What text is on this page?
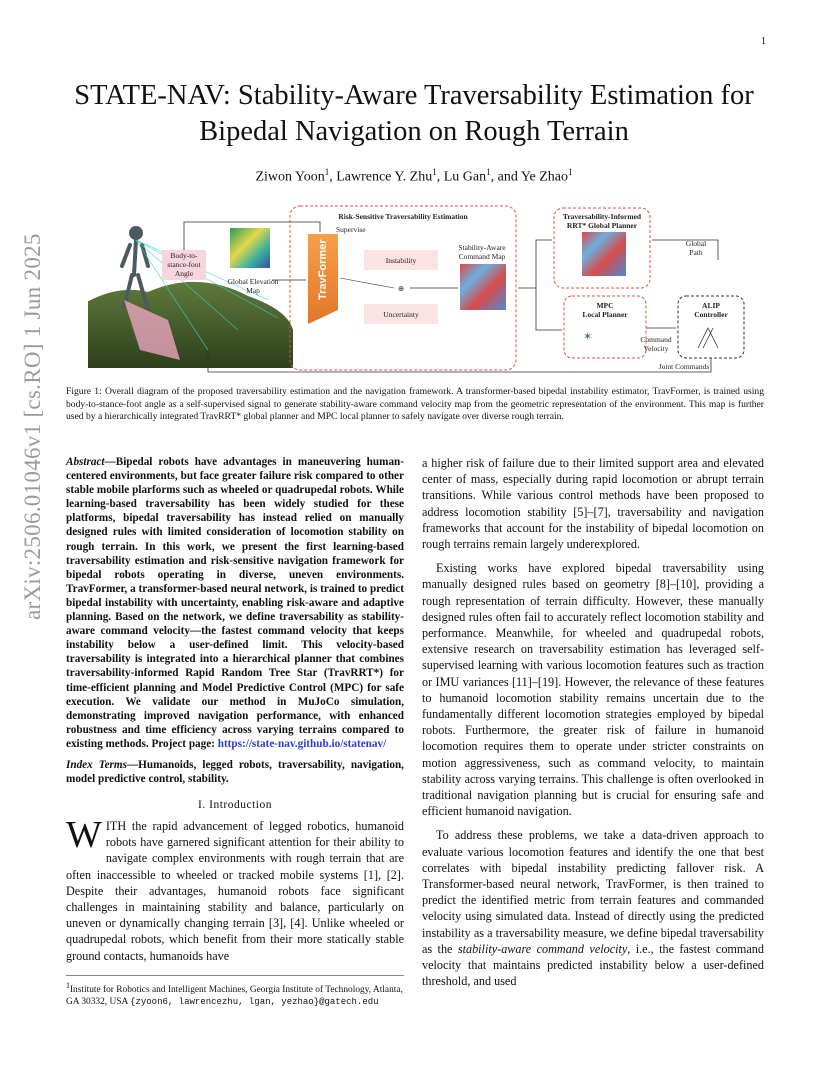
1
arXiv:2506.01046v1 [cs.RO] 1 Jun 2025
STATE-NAV: Stability-Aware Traversability Estimation for Bipedal Navigation on Rough Terrain
Ziwon Yoon$^1$, Lawrence Y. Zhu$^1$, Lu Gan$^1$, and Ye Zhao$^1$
Body-to-
stance-foot
Angle
Global Elevation
Map
Risk-Sensitive Traversability Estimation
Supervise
TravFormer	Instability
⊕
Uncertainty
Stability-Aware
Command Map
Traversability-Informed
RRT* Global Planner
Global
Path
MPC
Local Planner
✶
ALIP
Controller
Command
Velocity
Joint Commands
Figure 1: Overall diagram of the proposed traversability estimation and the navigation framework. A transformer-based bipedal instability estimator, TravFormer, is trained using body-to-stance-foot angle as a self-supervised signal to generate stability-aware command velocity map from the geometric representation of the environment. This map is further used by a hierarchically integrated TravRRT* global planner and MPC local planner to safely navigate over diverse rough terrain.
Abstract—Bipedal robots have advantages in maneuvering human-centered environments, but face greater failure risk compared to other stable mobile plarforms such as wheeled or quadrupedal robots. While learning-based traversability has been widely studied for these platforms, bipedal traversability has instead relied on manually designed rules with limited consideration of locomotion stability on rough terrain. In this work, we present the first learning-based traversability estimation and risk-sensitive navigation framework for bipedal robots operating in diverse, uneven environments. TravFormer, a transformer-based neural network, is trained to predict bipedal instability with uncertainty, enabling risk-aware and adaptive planning. Based on the network, we define traversability as stability-aware command velocity—the fastest command velocity that keeps instability below a user-defined limit. This velocity-based traversability is integrated into a hierarchical planner that combines traversability-informed Rapid Random Tree Star (TravRRT*) for time-efficient planning and Model Predictive Control (MPC) for safe execution. We validate our method in MuJoCo simulation, demonstrating improved navigation performance, with enhanced robustness and time efficiency across varying terrains compared to existing methods. Project page: https://state-nav.github.io/statenav/
Index Terms—Humanoids, legged robots, traversability, navigation, model predictive control, stability.
I. Introduction
WITH the rapid advancement of legged robotics, humanoid robots have garnered significant attention for their ability to navigate complex environments with rough terrain that are often inaccessible to wheeled or tracked mobile systems [1], [2]. Despite their advantages, humanoid robots face significant challenges in maintaining stability and balance, particularly on uneven or dynamically changing terrain [3], [4]. Unlike wheeled or quadrupedal robots, which benefit from their more statically stable ground contacts, humanoids have
$^1$Institute for Robotics and Intelligent Machines, Georgia Institute of Technology, Atlanta, GA 30332, USA {zyoon6, lawrencezhu, lgan, yezhao}@gatech.edu

a higher risk of failure due to their limited support area and elevated center of mass, especially during rapid locomotion or abrupt terrain transitions. While various control methods have been proposed to address locomotion stability [5]–[7], traversability and navigation frameworks that account for the instability of bipedal locomotion on rough terrains remain largely underexplored.

Existing works have explored bipedal traversability using manually designed rules based on geometry [8]–[10], providing a rough representation of terrain difficulty. However, these manually designed rules often fail to accurately reflect locomotion stability and performance. Meanwhile, for wheeled and quadrupedal robots, extensive research on traversability estimation has leveraged self-supervised learning with various locomotion features such as traction or IMU variances [11]–[19]. However, the relevance of these features to humanoid locomotion stability remains uncertain due to the fundamentally different locomotion strategies employed by bipedal robots. Furthermore, the greater risk of failure in humanoid locomotion requires them to operate under stricter constraints on motion aggressiveness, such as command velocity, to maintain stability across varying terrains. This challenge is often overlooked in traditional navigation planning but is crucial for ensuring safe and efficient humanoid navigation.

To address these problems, we take a data-driven approach to evaluate various locomotion features and identify the one that best correlates with bipedal instability predicting fallover risk. A Transformer-based neural network, TravFormer, is then trained to predict the identified metric from terrain features and commanded velocity using simulated data. Instead of directly using the predicted instability as a traversability measure, we define bipedal traversability as the stability-aware command velocity, i.e., the fastest command velocity that maintains predicted instability below a user-defined threshold, and used
